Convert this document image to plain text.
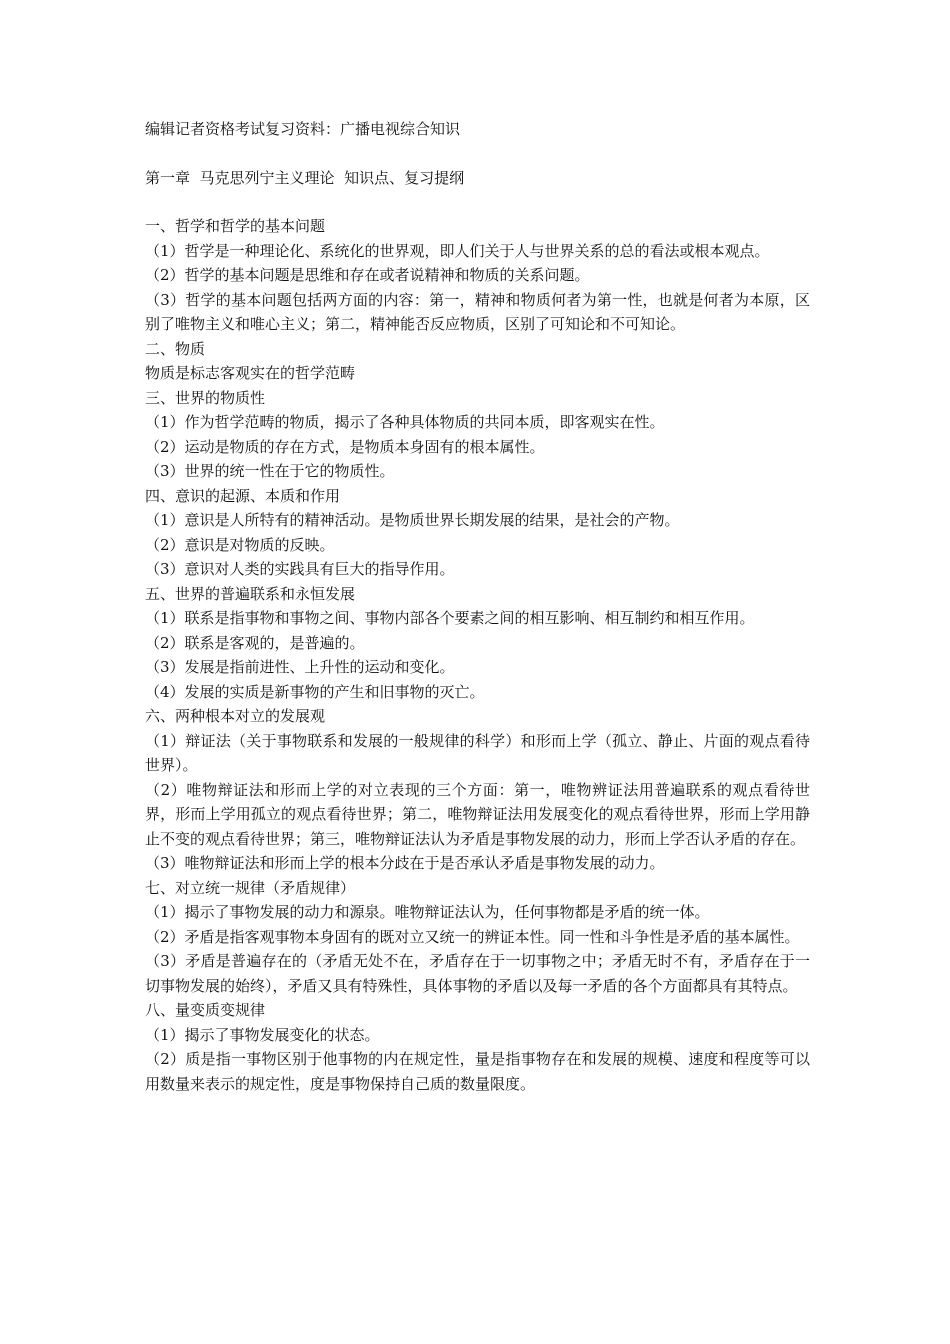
编辑记者资格考试复习资料：广播电视综合知识
第一章  马克思列宁主义理论  知识点、复习提纲

一、哲学和哲学的基本问题

（1）哲学是一种理论化、系统化的世界观，即人们关于人与世界关系的总的看法或根本观点。

（2）哲学的基本问题是思维和存在或者说精神和物质的关系问题。

（3）哲学的基本问题包括两方面的内容：第一，精神和物质何者为第一性，也就是何者为本原，区别了唯物主义和唯心主义；第二，精神能否反应物质，区别了可知论和不可知论。

二、物质

物质是标志客观实在的哲学范畴

三、世界的物质性

（1）作为哲学范畴的物质，揭示了各种具体物质的共同本质，即客观实在性。

（2）运动是物质的存在方式，是物质本身固有的根本属性。

（3）世界的统一性在于它的物质性。

四、意识的起源、本质和作用

（1）意识是人所特有的精神活动。是物质世界长期发展的结果，是社会的产物。

（2）意识是对物质的反映。

（3）意识对人类的实践具有巨大的指导作用。

五、世界的普遍联系和永恒发展

（1）联系是指事物和事物之间、事物内部各个要素之间的相互影响、相互制约和相互作用。

（2）联系是客观的，是普遍的。

（3）发展是指前进性、上升性的运动和变化。

（4）发展的实质是新事物的产生和旧事物的灭亡。

六、两种根本对立的发展观

（1）辩证法（关于事物联系和发展的一般规律的科学）和形而上学（孤立、静止、片面的观点看待世界）。

（2）唯物辩证法和形而上学的对立表现的三个方面：第一，唯物辨证法用普遍联系的观点看待世界，形而上学用孤立的观点看待世界；第二，唯物辩证法用发展变化的观点看待世界，形而上学用静止不变的观点看待世界；第三，唯物辩证法认为矛盾是事物发展的动力，形而上学否认矛盾的存在。

（3）唯物辩证法和形而上学的根本分歧在于是否承认矛盾是事物发展的动力。

七、对立统一规律（矛盾规律）

（1）揭示了事物发展的动力和源泉。唯物辩证法认为，任何事物都是矛盾的统一体。

（2）矛盾是指客观事物本身固有的既对立又统一的辨证本性。同一性和斗争性是矛盾的基本属性。

（3）矛盾是普遍存在的（矛盾无处不在，矛盾存在于一切事物之中；矛盾无时不有，矛盾存在于一切事物发展的始终），矛盾又具有特殊性，具体事物的矛盾以及每一矛盾的各个方面都具有其特点。

八、量变质变规律

（1）揭示了事物发展变化的状态。

（2）质是指一事物区别于他事物的内在规定性，量是指事物存在和发展的规模、速度和程度等可以用数量来表示的规定性，度是事物保持自己质的数量限度。
